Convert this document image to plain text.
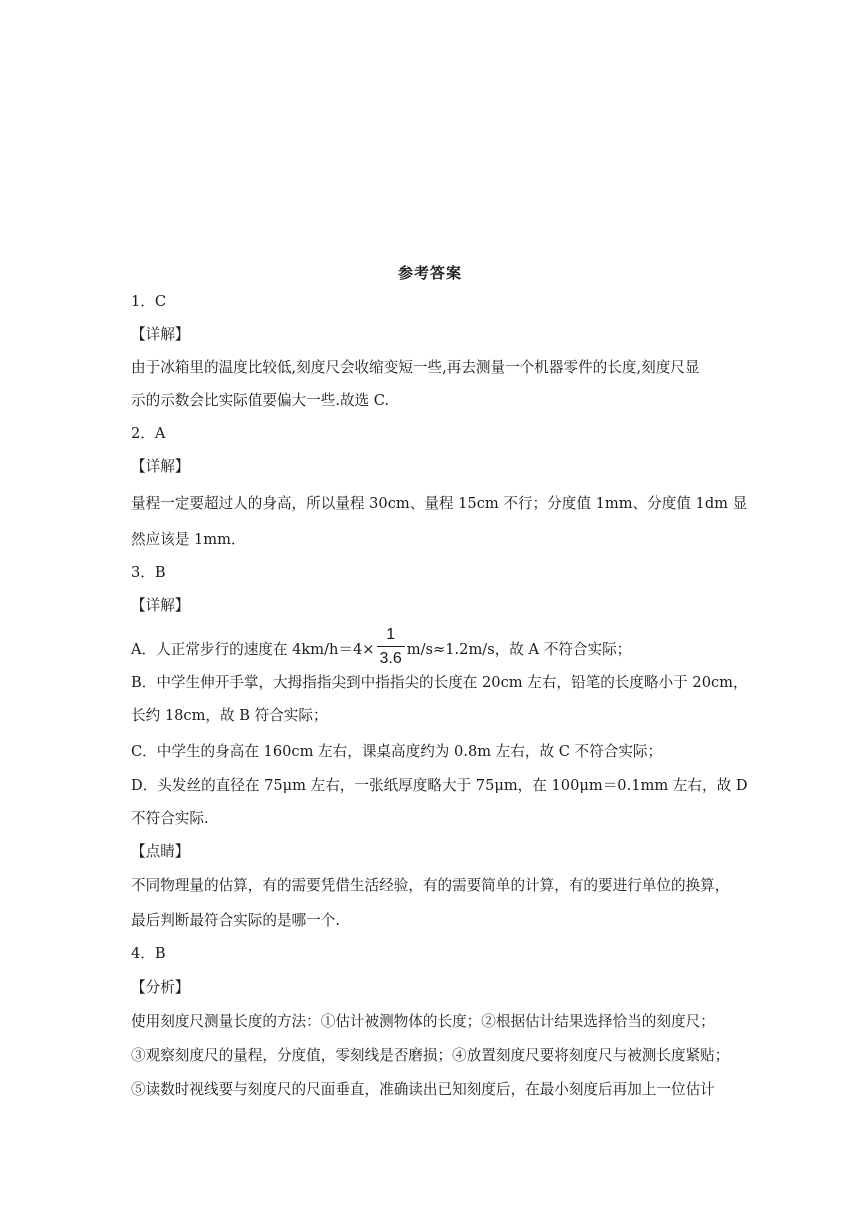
参考答案
1．C
【详解】
由于冰箱里的温度比较低,刻度尺会收缩变短一些,再去测量一个机器零件的长度,刻度尺显
示的示数会比实际值要偏大一些.故选 C.
2．A
【详解】
量程一定要超过人的身高，所以量程 30cm、量程 15cm 不行；分度值 1mm、分度值 1dm 显
然应该是 1mm．
3．B
【详解】
A．人正常步行的速度在 $4km/h=4\times \frac{1}{3.6} m/s\approx 1.2m/s$，故 A 不符合实际；
B．中学生伸开手掌，大拇指指尖到中指指尖的长度在 20cm 左右，铅笔的长度略小于 20cm，
长约 18cm，故 B 符合实际；
C．中学生的身高在 160cm 左右，课桌高度约为 0.8m 左右，故 C 不符合实际；
D．头发丝的直径在 75μm 左右，一张纸厚度略大于 75μm，在 100μm＝0.1mm 左右，故 D
不符合实际.
【点睛】
不同物理量的估算，有的需要凭借生活经验，有的需要简单的计算，有的要进行单位的换算，
最后判断最符合实际的是哪一个.
4．B
【分析】
使用刻度尺测量长度的方法：①估计被测物体的长度；②根据估计结果选择恰当的刻度尺；
③观察刻度尺的量程，分度值，零刻线是否磨损；④放置刻度尺要将刻度尺与被测长度紧贴；
⑤读数时视线要与刻度尺的尺面垂直，准确读出已知刻度后，在最小刻度后再加上一位估计
